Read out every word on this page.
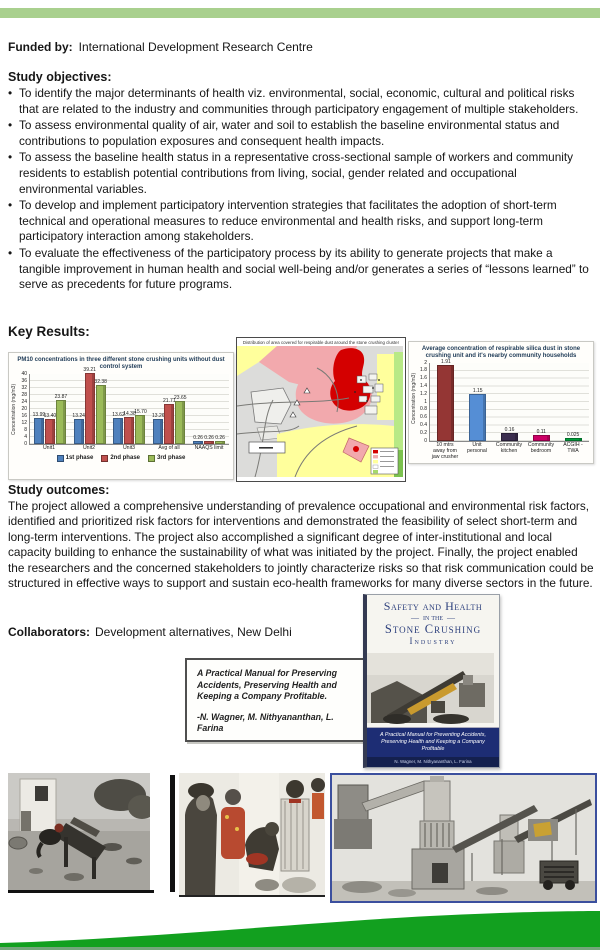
Funded by: International Development Research Centre
Study objectives:
• To identify the major determinants of health viz. environmental, social, economic, cultural and political risks that are related to the industry and communities through participatory engagement of multiple stakeholders.
• To assess environmental quality of air, water and soil to establish the baseline environmental status and contributions to population exposures and consequent health impacts.
• To assess the baseline health status in a representative cross-sectional sample of workers and community residents to establish potential contributions from living, social, gender related and occupational environmental variables.
• To develop and implement participatory intervention strategies that facilitates the adoption of short-term technical and operational measures to reduce environmental and health risks, and support long-term participatory interaction among stakeholders.
• To evaluate the effectiveness of the participatory process by its ability to generate projects that make a tangible improvement in human health and social well-being and/or generates a series of “lessons learned” to serve as precedents for future programs.
Key Results:
PM10 concentrations in three different stone crushing units without dust control system
Concentration (mg/m3)
0
4
8
12
16
20
24
28
32
36
40
13.99
13.40
23.87
13.24
39.21
32.38
13.62
14.38
15.70
13.26
21.71
23.65
0.26 0.26 0.26
Unit1	Unit2	Unit3	Avg of all	NAAQS limit
1st phase	2nd phase	3rd phase
Distribution of area covered for respirable dust around the stone crushing cluster
Average concentration of respirable silica dust in stone crushing unit and it's nearby community households
Concentration (mg/m3)
0
0.2
0.4
0.6
0.8
1
1.2
1.4
1.6
1.8
2	1.91
1.15
0.16	0.11
0.025
10 mtrs away from jaw crusher
Unit personal
Community kitchen
Community bedroom
ACGIH -TWA
Study outcomes:

The project allowed a comprehensive understanding of prevalence occupational and environmental risk factors, identified and prioritized risk factors for interventions and demonstrated the feasibility of select short-term and long-term interventions. The project also accomplished a significant degree of inter-institutional and local capacity building to enhance the sustainability of what was initiated by the project. Finally, the project enabled the researchers and the concerned stakeholders to jointly characterize risks so that risk communication could be structured in effective ways to support and sustain eco-health frameworks for many diverse sectors in the future.

Collaborators: Development alternatives, New Delhi
A Practical Manual for Preserving Accidents, Preserving Health and Keeping a Company Profitable.
-N. Wagner, M. Nithyananthan, L. Farina
Safety and Health
— in the —
Stone Crushing
Industry
A Practical Manual for Preventing Accidents, Preserving Health and Keeping a Company Profitable
N. Wagner, M. Nithyananthan, L. Farina
